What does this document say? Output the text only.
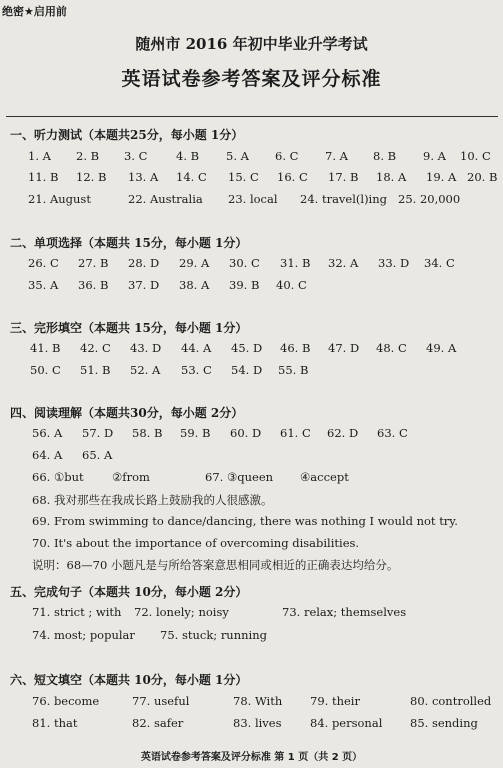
绝密★启用前
随州市 2016 年初中毕业升学考试
英语试卷参考答案及评分标准
一、听力测试（本题共25分，每小题 1分）
1. A 2. B 3. C 4. B 5. A 6. C 7. A 8. B 9. A 10. C
11. B 12. B 13. A 14. C 15. C 16. C 17. B 18. A 19. A 20. B
21. August	22. Australia 23. local 24. travel(l)ing 25. 20,000
二、单项选择（本题共 15分，每小题 1分）
26. C 27. B 28. D 29. A 30. C 31. B 32. A 33. D 34. C
35. A 36. B 37. D 38. A 39. B 40. C
三、完形填空（本题共 15分，每小题 1分）
41. B 42. C 43. D 44. A 45. D 46. B 47. D 48. C 49. A
50. C 51. B 52. A 53. C 54. D 55. B
四、阅读理解（本题共30分，每小题 2分）
56. A 57. D 58. B 59. B 60. D 61. C 62. D 63. C
64. A 65. A
66. ①but ②from	67. ③queen ④accept
68. 我对那些在我成长路上鼓励我的人很感激。
69. From swimming to dance/dancing, there was nothing I would not try.
70. It's about the importance of overcoming disabilities.
说明：68—70 小题凡是与所给答案意思相同或相近的正确表达均给分。
五、完成句子（本题共 10分，每小题 2分）
71. strict ; with 72. lonely; noisy	73. relax; themselves
74. most; popular 75. stuck; running
六、短文填空（本题共 10分，每小题 1分）
76. become	77. useful	78. With 79. their	80. controlled
81. that	82. safer	83. lives 84. personal 85. sending
英语试卷参考答案及评分标准 第 1 页（共 2 页）
